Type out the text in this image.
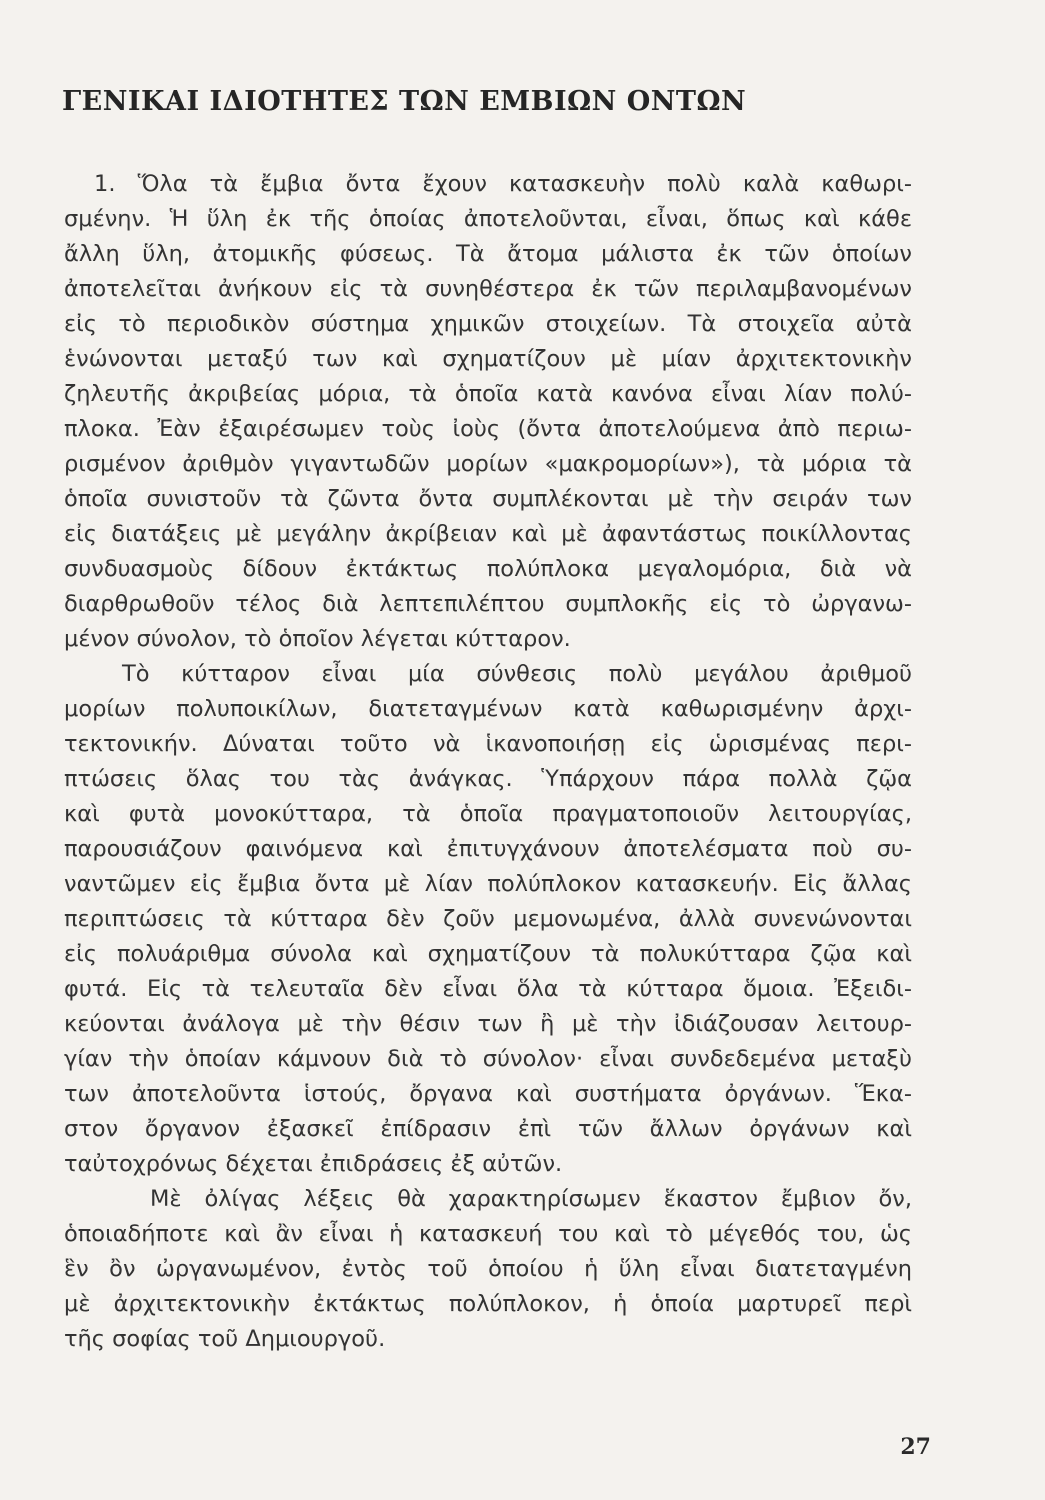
ΓΕΝΙΚΑΙ ΙΔΙΟΤΗΤΕΣ ΤΩΝ ΕΜΒΙΩΝ ΟΝΤΩΝ
1. Ὅλα τὰ ἔμβια ὄντα ἔχουν κατασκευὴν πολὺ καλὰ καθωρι-
σμένην. Ἡ ὕλη ἐκ τῆς ὁποίας ἀποτελοῦνται, εἶναι, ὅπως καὶ κάθε
ἄλλη ὕλη, ἀτομικῆς φύσεως. Τὰ ἄτομα μάλιστα ἐκ τῶν ὁποίων
ἀποτελεῖται ἀνήκουν εἰς τὰ συνηθέστερα ἐκ τῶν περιλαμβανομένων
εἰς τὸ περιοδικὸν σύστημα χημικῶν στοιχείων. Τὰ στοιχεῖα αὐτὰ
ἑνώνονται μεταξύ των καὶ σχηματίζουν μὲ μίαν ἀρχιτεκτονικὴν
ζηλευτῆς ἀκριβείας μόρια, τὰ ὁποῖα κατὰ κανόνα εἶναι λίαν πολύ-
πλοκα. Ἐὰν ἐξαιρέσωμεν τοὺς ἰοὺς (ὄντα ἀποτελούμενα ἀπὸ περιω-
ρισμένον ἀριθμὸν γιγαντωδῶν μορίων «μακρομορίων»), τὰ μόρια τὰ
ὁποῖα συνιστοῦν τὰ ζῶντα ὄντα συμπλέκονται μὲ τὴν σειράν των
εἰς διατάξεις μὲ μεγάλην ἀκρίβειαν καὶ μὲ ἀφαντάστως ποικίλλοντας
συνδυασμοὺς δίδουν ἐκτάκτως πολύπλοκα μεγαλομόρια, διὰ νὰ
διαρθρωθοῦν τέλος διὰ λεπτεπιλέπτου συμπλοκῆς εἰς τὸ ὠργανω-
μένον σύνολον, τὸ ὁποῖον λέγεται κύτταρον.
Τὸ κύτταρον εἶναι μία σύνθεσις πολὺ μεγάλου ἀριθμοῦ
μορίων πολυποικίλων, διατεταγμένων κατὰ καθωρισμένην ἀρχι-
τεκτονικήν. Δύναται τοῦτο νὰ ἱκανοποιήσῃ εἰς ὡρισμένας περι-
πτώσεις ὅλας του τὰς ἀνάγκας. Ὑπάρχουν πάρα πολλὰ ζῷα
καὶ φυτὰ μονοκύτταρα, τὰ ὁποῖα πραγματοποιοῦν λειτουργίας,
παρουσιάζουν φαινόμενα καὶ ἐπιτυγχάνουν ἀποτελέσματα ποὺ συ-
ναντῶμεν εἰς ἔμβια ὄντα μὲ λίαν πολύπλοκον κατασκευήν. Εἰς ἄλλας
περιπτώσεις τὰ κύτταρα δὲν ζοῦν μεμονωμένα, ἀλλὰ συνενώνονται
εἰς πολυάριθμα σύνολα καὶ σχηματίζουν τὰ πολυκύτταρα ζῷα καὶ
φυτά. Εἰς τὰ τελευταῖα δὲν εἶναι ὅλα τὰ κύτταρα ὅμοια. Ἐξειδι-
κεύονται ἀνάλογα μὲ τὴν θέσιν των ἢ μὲ τὴν ἰδιάζουσαν λειτουρ-
γίαν τὴν ὁποίαν κάμνουν διὰ τὸ σύνολον· εἶναι συνδεδεμένα μεταξὺ
των ἀποτελοῦντα ἱστούς, ὄργανα καὶ συστήματα ὀργάνων. Ἕκα-
στον ὄργανον ἐξασκεῖ ἐπίδρασιν ἐπὶ τῶν ἄλλων ὀργάνων καὶ
ταὐτοχρόνως δέχεται ἐπιδράσεις ἐξ αὐτῶν.
Μὲ ὀλίγας λέξεις θὰ χαρακτηρίσωμεν ἕκαστον ἔμβιον ὄν,
ὁποιαδήποτε καὶ ἂν εἶναι ἡ κατασκευή του καὶ τὸ μέγεθός του, ὡς
ἓν ὂν ὠργανωμένον, ἐντὸς τοῦ ὁποίου ἡ ὕλη εἶναι διατεταγμένη
μὲ ἀρχιτεκτονικὴν ἐκτάκτως πολύπλοκον, ἡ ὁποία μαρτυρεῖ περὶ
τῆς σοφίας τοῦ Δημιουργοῦ.
27
